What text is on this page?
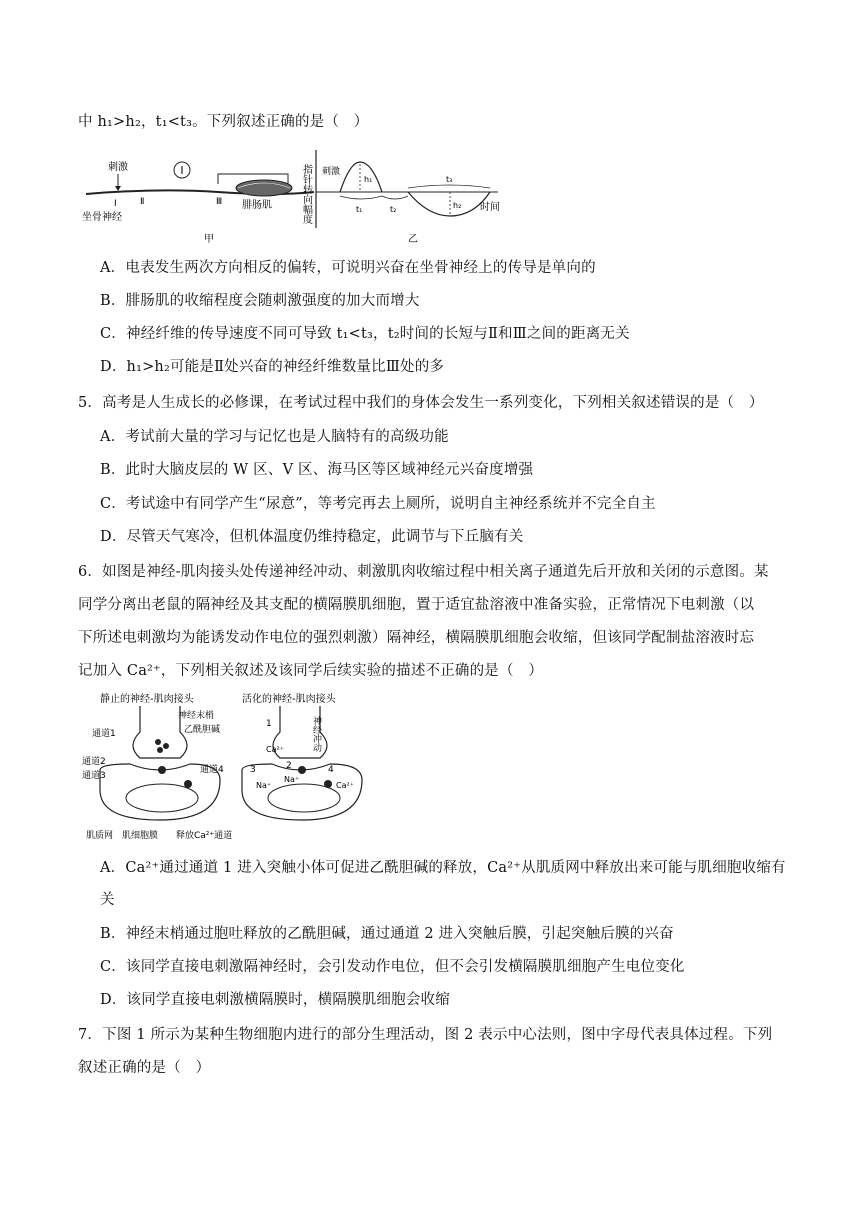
中 h₁>h₂，t₁<t₃。下列叙述正确的是（　）
刺激
Ⅰ	Ⅱ	Ⅲ
坐骨神经
腓肠肌
甲
指针转向幅度 刺激
h₁
h₂
t₁	t₂
t₃
时间
乙
A．电表发生两次方向相反的偏转，可说明兴奋在坐骨神经上的传导是单向的
B．腓肠肌的收缩程度会随刺激强度的加大而增大
C．神经纤维的传导速度不同可导致 t₁<t₃，t₂时间的长短与Ⅱ和Ⅲ之间的距离无关
D．h₁>h₂可能是Ⅱ处兴奋的神经纤维数量比Ⅲ处的多
5．高考是人生成长的必修课，在考试过程中我们的身体会发生一系列变化，下列相关叙述错误的是（　）
A．考试前大量的学习与记忆也是人脑特有的高级功能
B．此时大脑皮层的 W 区、V 区、海马区等区域神经元兴奋度增强
C．考试途中有同学产生“尿意”，等考完再去上厕所，说明自主神经系统并不完全自主
D．尽管天气寒冷，但机体温度仍维持稳定，此调节与下丘脑有关
6．如图是神经-肌肉接头处传递神经冲动、刺激肌肉收缩过程中相关离子通道先后开放和关闭的示意图。某
同学分离出老鼠的隔神经及其支配的横隔膜肌细胞，置于适宜盐溶液中准备实验，正常情况下电刺激（以
下所述电刺激均为能诱发动作电位的强烈刺激）隔神经，横隔膜肌细胞会收缩，但该同学配制盐溶液时忘
记加入 Ca²⁺，下列相关叙述及该同学后续实验的描述不正确的是（　）
静止的神经-肌肉接头	活化的神经-肌肉接头
神经末梢
乙酰胆碱
通道1
通道2
通道3
通道4
肌质网 肌细胞膜 释放Ca²⁺通道
神经冲动
1
Ca²⁺
2
3	4
Na⁺
Na⁺
Ca²⁺
A．Ca²⁺通过通道 1 进入突触小体可促进乙酰胆碱的释放，Ca²⁺从肌质网中释放出来可能与肌细胞收缩有
关
B．神经末梢通过胞吐释放的乙酰胆碱，通过通道 2 进入突触后膜，引起突触后膜的兴奋
C．该同学直接电刺激隔神经时，会引发动作电位，但不会引发横隔膜肌细胞产生电位变化
D．该同学直接电刺激横隔膜时，横隔膜肌细胞会收缩
7．下图 1 所示为某种生物细胞内进行的部分生理活动，图 2 表示中心法则，图中字母代表具体过程。下列
叙述正确的是（　）
